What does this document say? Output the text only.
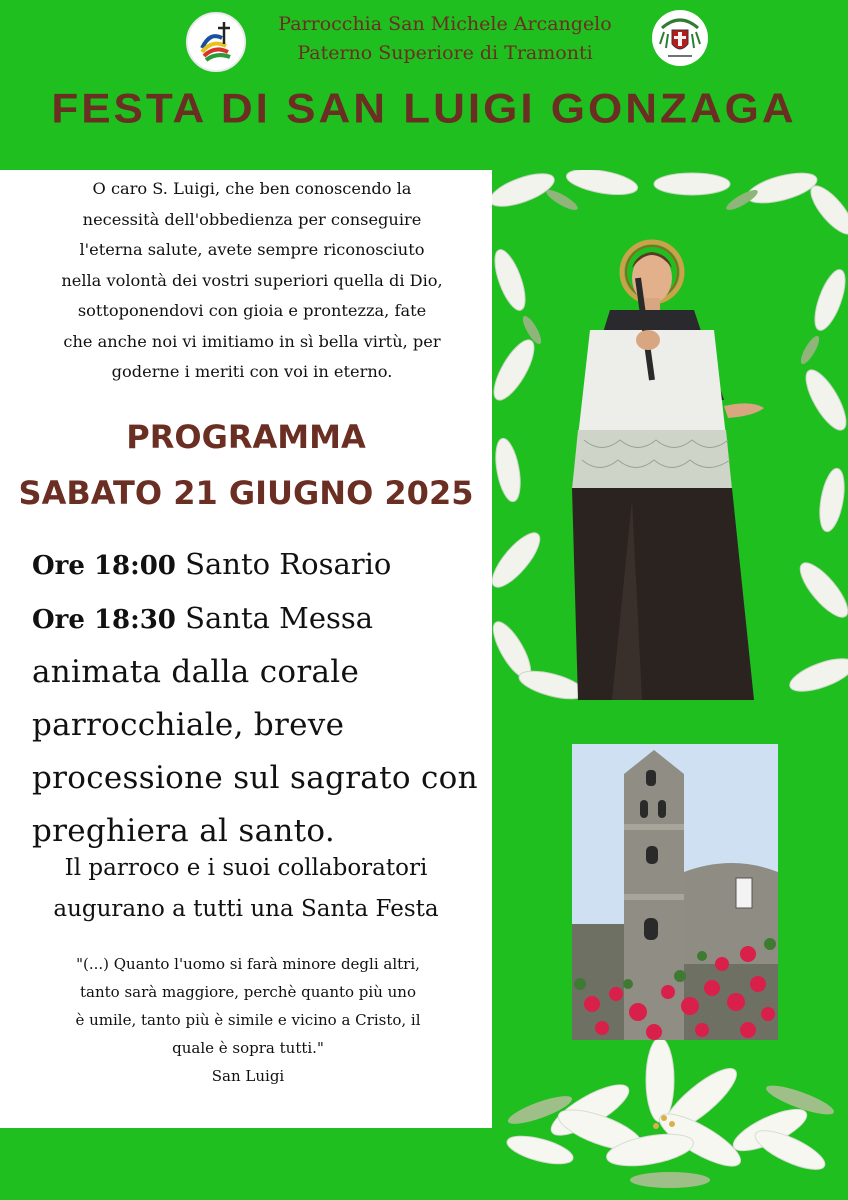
Parrocchia San Michele Arcangelo
Paterno Superiore di Tramonti
FESTA DI SAN LUIGI GONZAGA
O caro S. Luigi, che ben conoscendo la
necessità dell'obbedienza per conseguire
l'eterna salute, avete sempre riconosciuto
nella volontà dei vostri superiori quella di Dio,
sottoponendovi con gioia e prontezza, fate
che anche noi vi imitiamo in sì bella virtù, per
goderne i meriti con voi in eterno.
PROGRAMMA
SABATO 21 GIUGNO 2025
Ore 18:00 Santo Rosario
Ore 18:30 Santa Messa
animata dalla corale
parrocchiale, breve
processione sul sagrato con
preghiera al santo.
Il parroco e i suoi collaboratori
augurano a tutti una Santa Festa
"(...) Quanto l'uomo si farà minore degli altri,
tanto sarà maggiore, perchè quanto più uno
è umile, tanto più è simile e vicino a Cristo, il
quale è sopra tutti."
San Luigi
